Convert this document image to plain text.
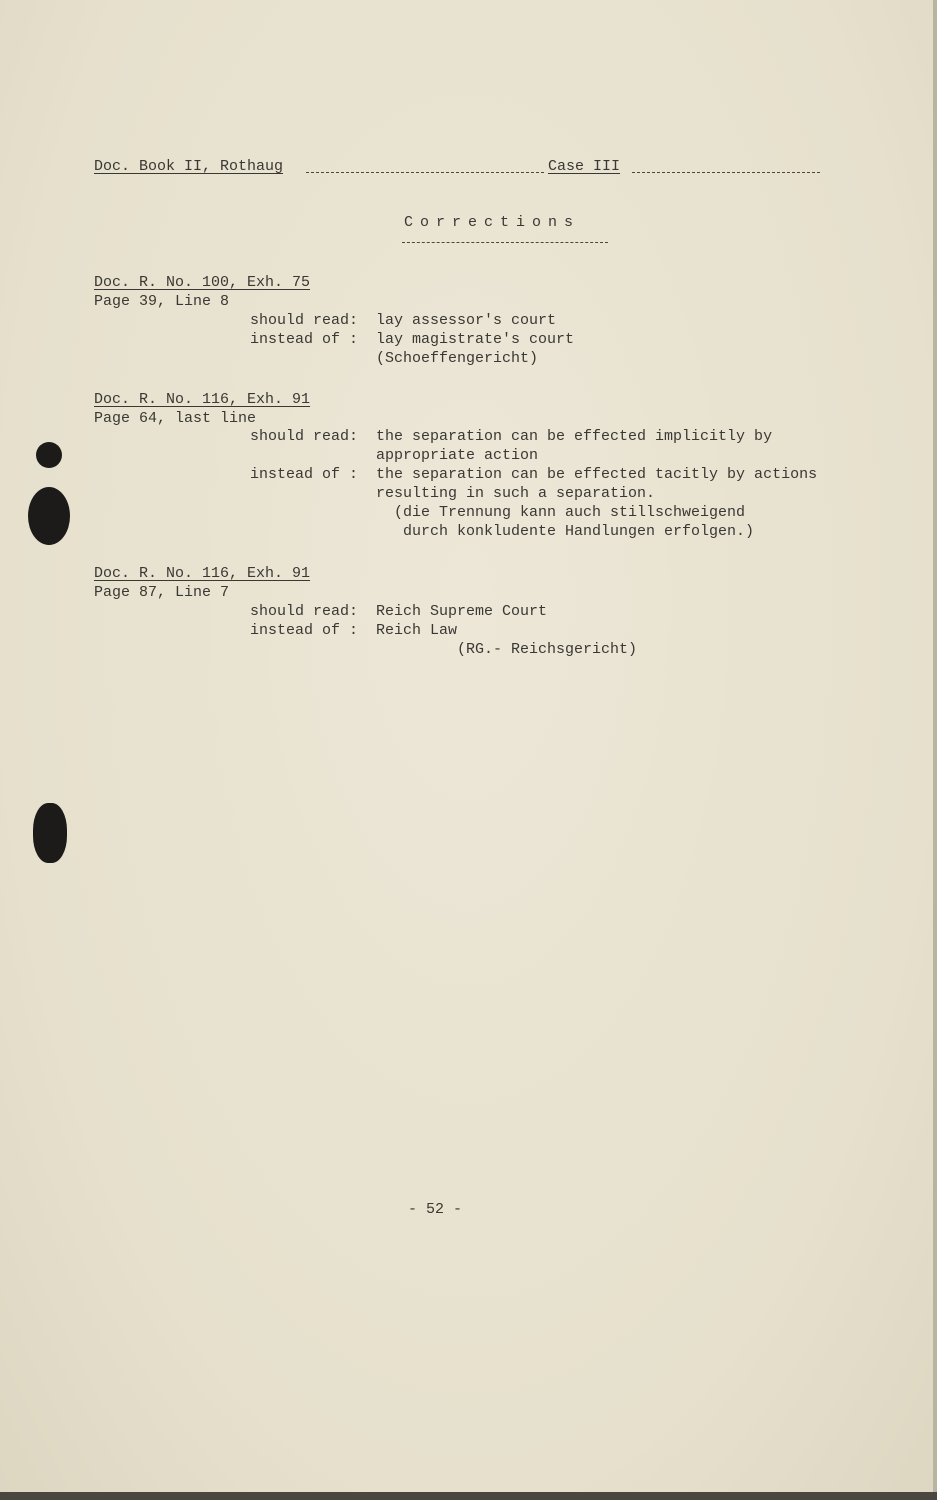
Doc. Book II, Rothaug	Case III
Corrections
Doc. R. No. 100, Exh. 75
Page 39, Line 8
should read: lay assessor's court
instead of : lay magistrate's court
(Schoeffengericht)
Doc. R. No. 116, Exh. 91
Page 64, last line
should read: the separation can be effected implicitly by
appropriate action
instead of : the separation can be effected tacitly by actions
resulting in such a separation.
(die Trennung kann auch stillschweigend
durch konkludente Handlungen erfolgen.)
Doc. R. No. 116, Exh. 91
Page 87, Line 7
should read: Reich Supreme Court
instead of : Reich Law
(RG.- Reichsgericht)
- 52 -
